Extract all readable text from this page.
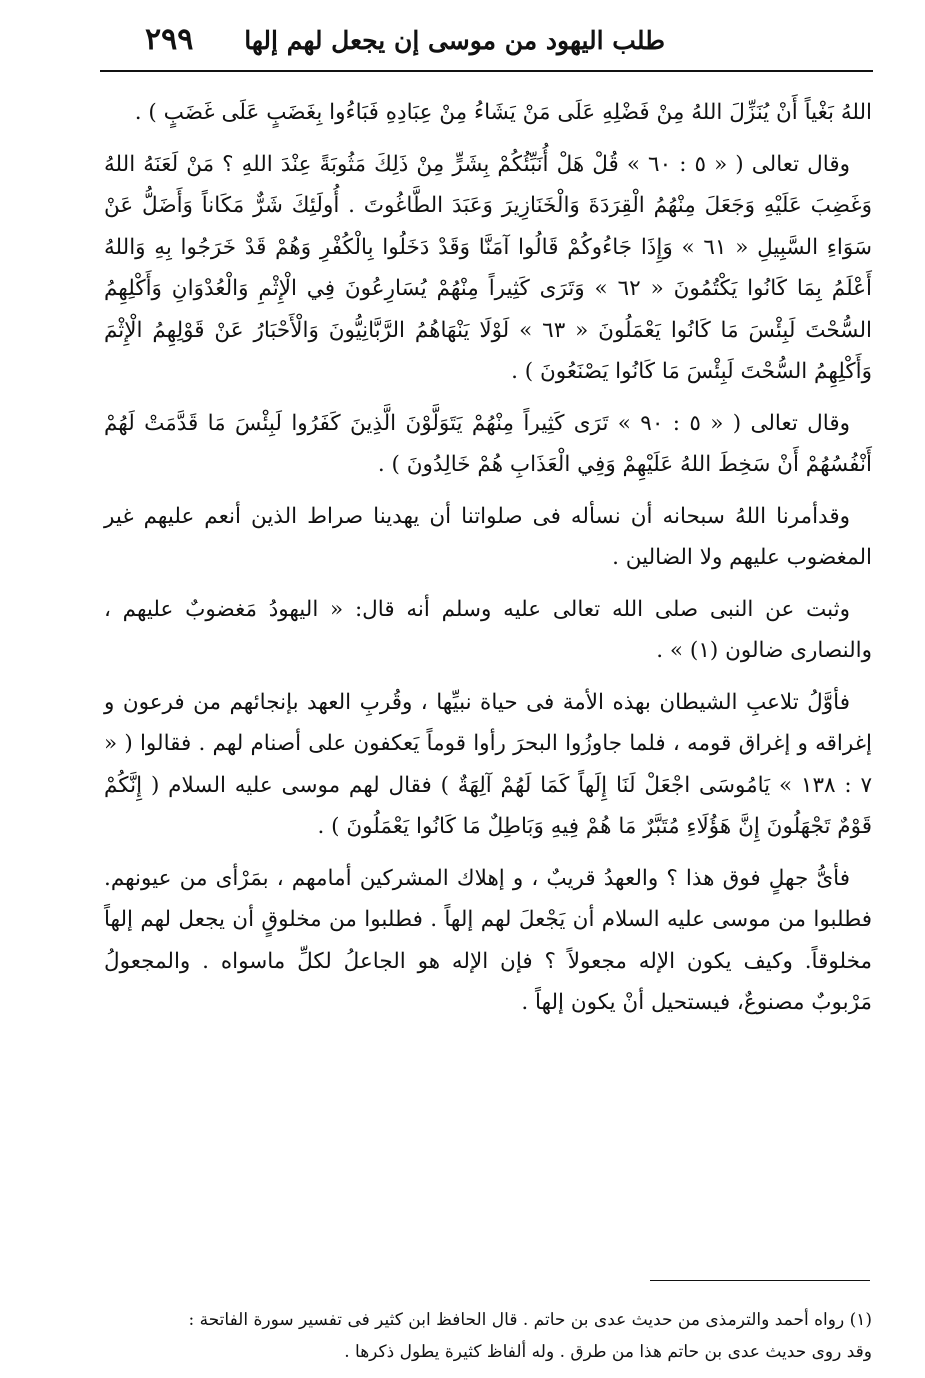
طلب اليهود من موسى إن يجعل لهم إلها
٢٩٩

اللهُ بَغْياً أَنْ يُنَزِّلَ اللهُ مِنْ فَضْلِهِ عَلَى مَنْ يَشَاءُ مِنْ عِبَادِهِ فَبَاءُوا بِغَضَبٍ عَلَى غَضَبٍ ) .

وقال تعالى ( « ٥ : ٦٠ » قُلْ هَلْ أُنَبِّئُكُمْ بِشَرٍّ مِنْ ذَلِكَ مَثُوبَةً عِنْدَ اللهِ ؟ مَنْ لَعَنَهُ اللهُ وَغَضِبَ عَلَيْهِ وَجَعَلَ مِنْهُمُ الْقِرَدَةَ وَالْخَنَازِيرَ وَعَبَدَ الطَّاغُوتَ . أُولَئِكَ شَرٌّ مَكَاناً وَأَضَلُّ عَنْ سَوَاءِ السَّبِيلِ « ٦١ » وَإِذَا جَاءُوكُمْ قَالُوا آمَنَّا وَقَدْ دَخَلُوا بِالْكُفْرِ وَهُمْ قَدْ خَرَجُوا بِهِ وَاللهُ أَعْلَمُ بِمَا كَانُوا يَكْتُمُونَ « ٦٢ » وَتَرَى كَثِيراً مِنْهُمْ يُسَارِعُونَ فِي الْإِثْمِ وَالْعُدْوَانِ وَأَكْلِهِمُ السُّحْتَ لَبِئْسَ مَا كَانُوا يَعْمَلُونَ « ٦٣ » لَوْلَا يَنْهَاهُمُ الرَّبَّانِيُّونَ وَالْأَحْبَارُ عَنْ قَوْلِهِمُ الْإِثْمَ وَأَكْلِهِمُ السُّحْتَ لَبِئْسَ مَا كَانُوا يَصْنَعُونَ ) .

وقال تعالى ( « ٥ : ٩٠ » تَرَى كَثِيراً مِنْهُمْ يَتَوَلَّوْنَ الَّذِينَ كَفَرُوا لَبِئْسَ مَا قَدَّمَتْ لَهُمْ أَنْفُسُهُمْ أَنْ سَخِطَ اللهُ عَلَيْهِمْ وَفِي الْعَذَابِ هُمْ خَالِدُونَ ) .

وقدأمرنا اللهُ سبحانه أن نسأله فى صلواتنا أن يهدينا صراط الذين أنعم عليهم غير المغضوب عليهم ولا الضالين .

وثبت عن النبى صلى الله تعالى عليه وسلم أنه قال: « اليهودُ مَغضوبٌ عليهم ، والنصارى ضالون (١) » .

فأوَّلُ تلاعبِ الشيطان بهذه الأمة فى حياة نبيِّها ، وقُربِ العهد بإنجائهم من فرعون و إغراقه و إغراق قومه ، فلما جاوزُوا البحرَ رأوا قوماً يَعكفون على أصنام لهم . فقالوا ( « ٧ : ١٣٨ » يَامُوسَى اجْعَلْ لَنَا إِلَهاً كَمَا لَهُمْ آلِهَةٌ ) فقال لهم موسى عليه السلام ( إِنَّكُمْ قَوْمٌ تَجْهَلُونَ إِنَّ هَؤُلَاءِ مُتَبَّرٌ مَا هُمْ فِيهِ وَبَاطِلٌ مَا كَانُوا يَعْمَلُونَ ) .

فأىُّ جهلٍ فوق هذا ؟ والعهدُ قريبٌ ، و إهلاك المشركين أمامهم ، بمَرْأى من عيونهم. فطلبوا من موسى عليه السلام أن يَجْعلَ لهم إلهاً . فطلبوا من مخلوقٍ أن يجعل لهم إلهاً مخلوقاً. وكيف يكون الإله مجعولاً ؟ فإن الإله هو الجاعلُ لكلِّ ماسواه . والمجعولُ مَرْبوبٌ مصنوعٌ، فيستحيل أنْ يكون إلهاً .

(١) رواه أحمد والترمذى من حديث عدى بن حاتم . قال الحافظ ابن كثير فى تفسير سورة الفاتحة :

وقد روى حديث عدى بن حاتم هذا من طرق . وله ألفاظ كثيرة يطول ذكرها .
